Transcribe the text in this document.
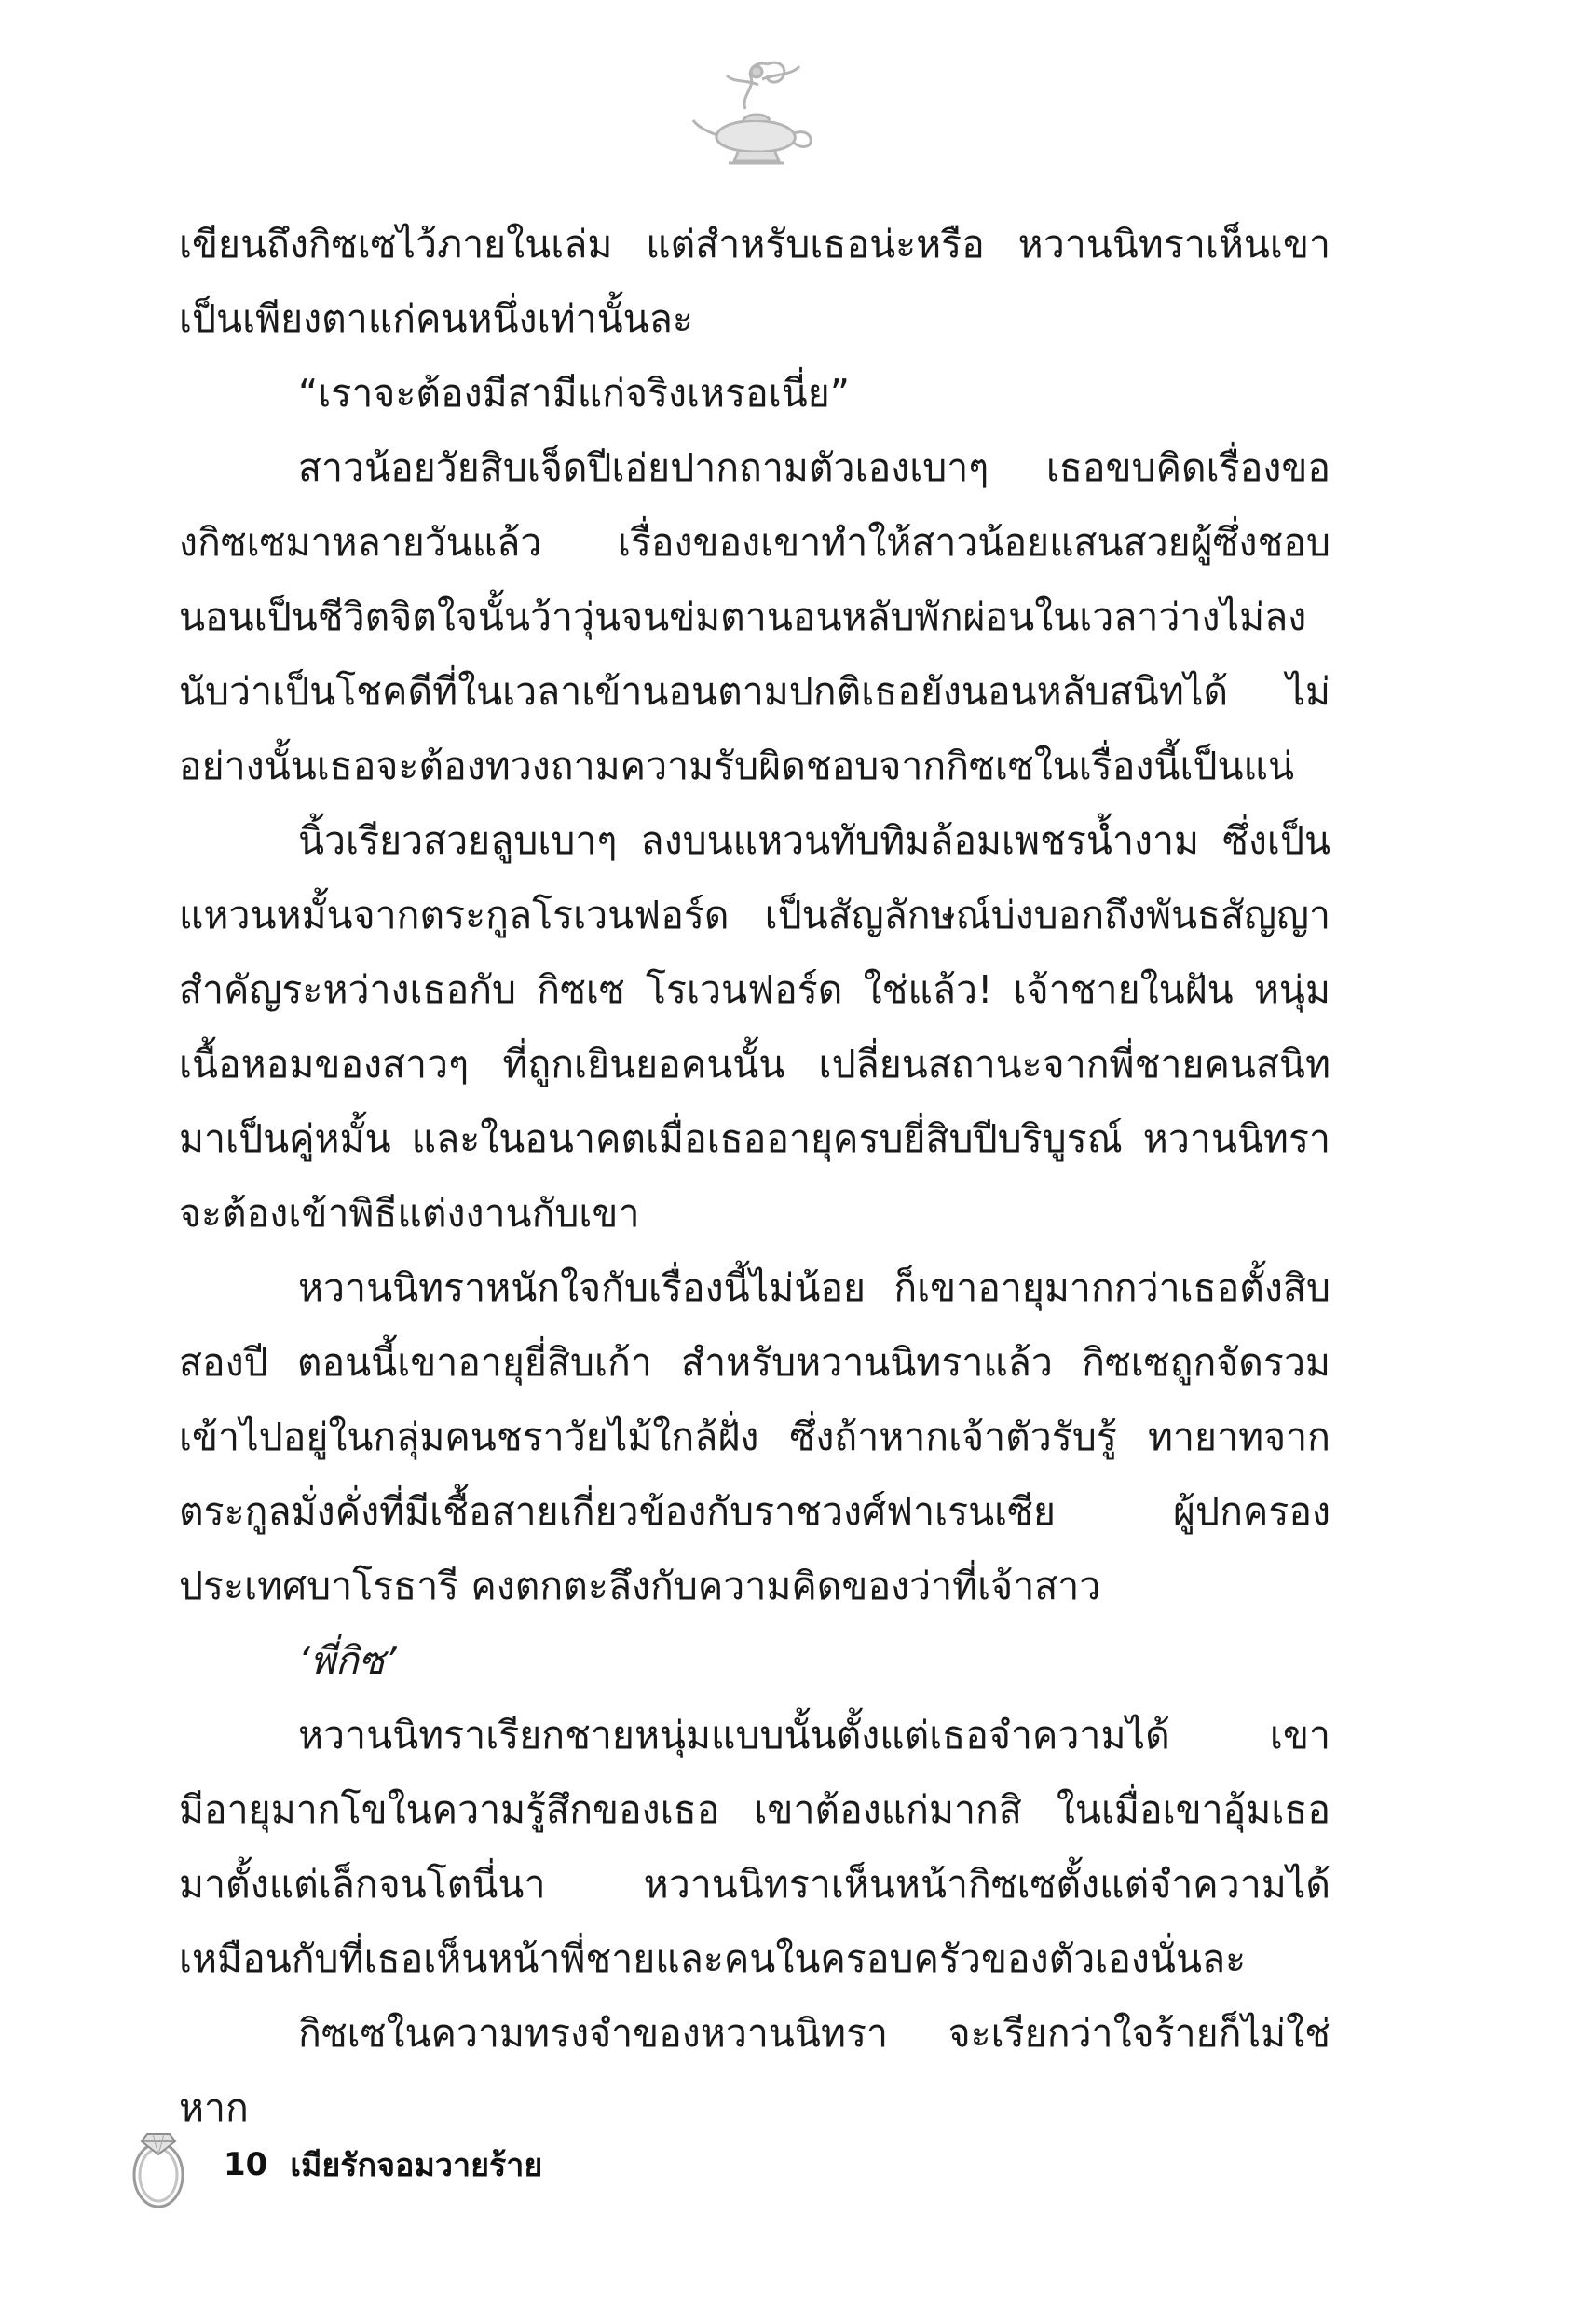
เขียนถึงกิซเซไว้ภายในเล่ม แต่สำหรับเธอน่ะหรือ หวานนิทราเห็นเขาเป็นเพียงตาแก่คนหนึ่งเท่านั้นละ

“เราจะต้องมีสามีแก่จริงเหรอเนี่ย”

สาวน้อยวัยสิบเจ็ดปีเอ่ยปากถามตัวเองเบาๆ เธอขบคิดเรื่องของกิซเซมาหลายวันแล้ว เรื่องของเขาทำให้สาวน้อยแสนสวยผู้ซึ่งชอบนอนเป็นชีวิตจิตใจนั้นว้าวุ่นจนข่มตานอนหลับพักผ่อนในเวลาว่างไม่ลง นับว่าเป็นโชคดีที่ในเวลาเข้านอนตามปกติเธอยังนอนหลับสนิทได้ ไม่อย่างนั้นเธอจะต้องทวงถามความรับผิดชอบจากกิซเซในเรื่องนี้เป็นแน่

นิ้วเรียวสวยลูบเบาๆ ลงบนแหวนทับทิมล้อมเพชรน้ำงาม ซึ่งเป็นแหวนหมั้นจากตระกูลโรเวนฟอร์ด เป็นสัญลักษณ์บ่งบอกถึงพันธสัญญาสำคัญระหว่างเธอกับ กิซเซ โรเวนฟอร์ด ใช่แล้ว! เจ้าชายในฝัน หนุ่มเนื้อหอมของสาวๆ ที่ถูกเยินยอคนนั้น เปลี่ยนสถานะจากพี่ชายคนสนิทมาเป็นคู่หมั้น และในอนาคตเมื่อเธออายุครบยี่สิบปีบริบูรณ์ หวานนิทราจะต้องเข้าพิธีแต่งงานกับเขา

หวานนิทราหนักใจกับเรื่องนี้ไม่น้อย ก็เขาอายุมากกว่าเธอตั้งสิบสองปี ตอนนี้เขาอายุยี่สิบเก้า สำหรับหวานนิทราแล้ว กิซเซถูกจัดรวมเข้าไปอยู่ในกลุ่มคนชราวัยไม้ใกล้ฝั่ง ซึ่งถ้าหากเจ้าตัวรับรู้ ทายาทจากตระกูลมั่งคั่งที่มีเชื้อสายเกี่ยวข้องกับราชวงศ์ฟาเรนเซีย ผู้ปกครองประเทศบาโรธารี คงตกตะลึงกับความคิดของว่าที่เจ้าสาว

‘พี่กิซ’

หวานนิทราเรียกชายหนุ่มแบบนั้นตั้งแต่เธอจำความได้ เขามีอายุมากโขในความรู้สึกของเธอ เขาต้องแก่มากสิ ในเมื่อเขาอุ้มเธอมาตั้งแต่เล็กจนโตนี่นา หวานนิทราเห็นหน้ากิซเซตั้งแต่จำความได้เหมือนกับที่เธอเห็นหน้าพี่ชายและคนในครอบครัวของตัวเองนั่นละ

กิซเซในความทรงจำของหวานนิทรา จะเรียกว่าใจร้ายก็ไม่ใช่ หาก

10 เมียรักจอมวายร้าย
